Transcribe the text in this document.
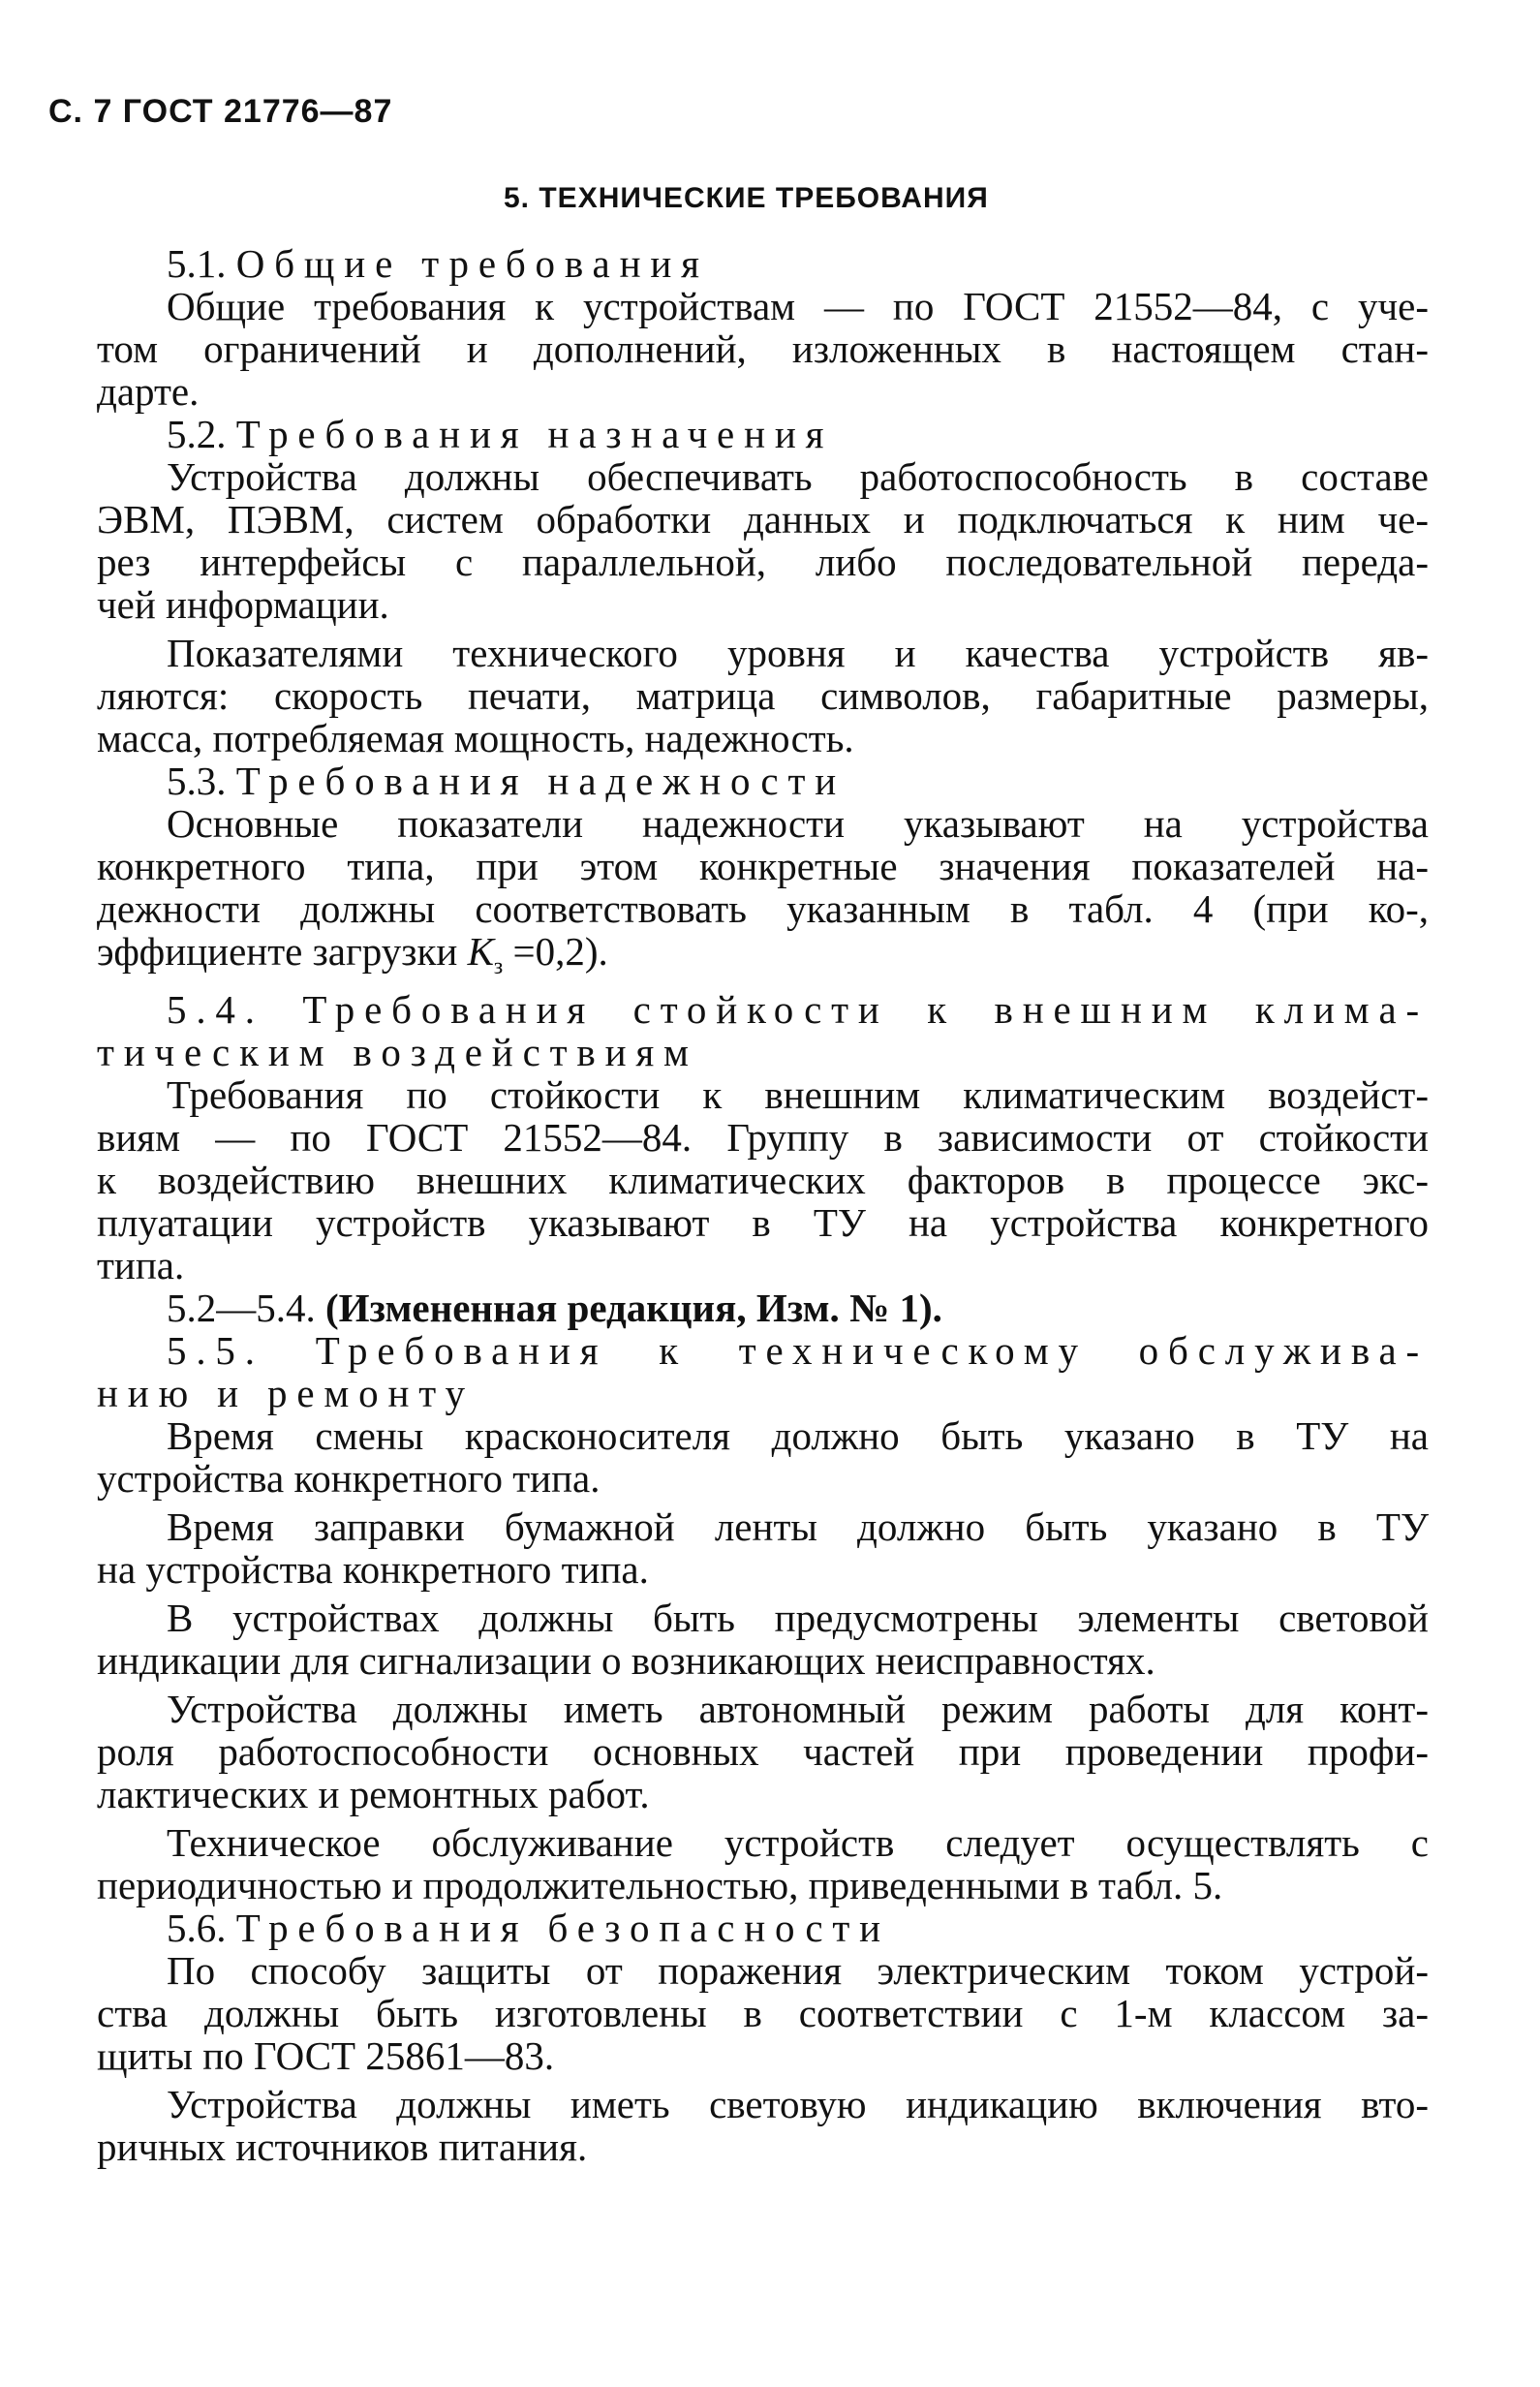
С. 7 ГОСТ 21776—87
5. ТЕХНИЧЕСКИЕ ТРЕБОВАНИЯ
5.1. Общие требования
Общие требования к устройствам — по ГОСТ 21552—84, с уче-
том ограничений и дополнений, изложенных в настоящем стан-
дарте.
5.2. Требования назначения
Устройства должны обеспечивать работоспособность в составе
ЭВМ, ПЭВМ, систем обработки данных и подключаться к ним че-
рез интерфейсы с параллельной, либо последовательной переда-
чей информации.
Показателями технического уровня и качества устройств яв-
ляются: скорость печати, матрица символов, габаритные размеры,
масса, потребляемая мощность, надежность.
5.3. Требования надежности
Основные показатели надежности указывают на устройства
конкретного типа, при этом конкретные значения показателей на-
дежности должны соответствовать указанным в табл. 4 (при ко-,
эффициенте загрузки $К_з =0,2$).
5.4. Требования стойкости к внешним климa-
тическим воздействиям
Требования по стойкости к внешним климатическим воздейст-
виям — по ГОСТ 21552—84. Группу в зависимости от стойкости
к воздействию внешних климатических факторов в процессе экс-
плуатации устройств указывают в ТУ на устройства конкретного
типа.
5.2—5.4. (Измененная редакция, Изм. № 1).
5.5. Требования к техническому обслужива-
нию и ремонту
Время смены красконосителя должно быть указано в ТУ на
устройства конкретного типа.
Время заправки бумажной ленты должно быть указано в ТУ
на устройства конкретного типа.
В устройствах должны быть предусмотрены элементы световой
индикации для сигнализации о возникающих неисправностях.
Устройства должны иметь автономный режим работы для конт-
роля работоспособности основных частей при проведении профи-
лактических и ремонтных работ.
Техническое обслуживание устройств следует осуществлять с
периодичностью и продолжительностью, приведенными в табл. 5.
5.6. Требования безопасности
По способу защиты от поражения электрическим током устрой-
ства должны быть изготовлены в соответствии с 1-м классом за-
щиты по ГОСТ 25861—83.
Устройства должны иметь световую индикацию включения вто-
ричных источников питания.
